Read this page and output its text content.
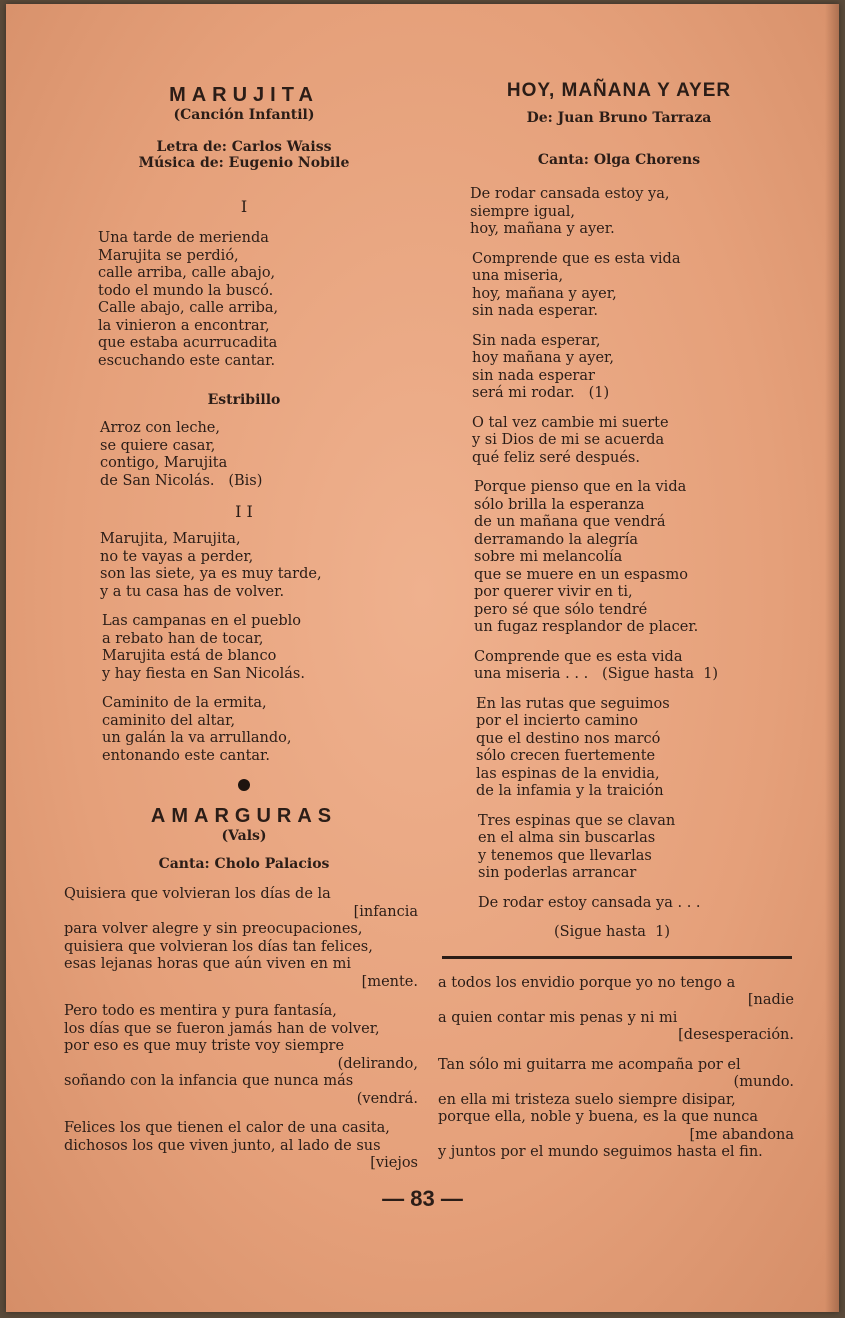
MARUJITA

(Canción Infantil)

Letra de: Carlos Waiss

Música de: Eugenio Nobile

I
Una tarde de merienda
Marujita se perdió,
calle arriba, calle abajo,
todo el mundo la buscó.
Calle abajo, calle arriba,
la vinieron a encontrar,
que estaba acurrucadita
escuchando este cantar.

Estribillo

Arroz con leche,
se quiere casar,
contigo, Marujita
de San Nicolás.   (Bis)
I I
Marujita, Marujita,
no te vayas a perder,
son las siete, ya es muy tarde,
y a tu casa has de volver.
Las campanas en el pueblo
a rebato han de tocar,
Marujita está de blanco
y hay fiesta en San Nicolás.
Caminito de la ermita,
caminito del altar,
un galán la va arrullando,
entonando este cantar.
AMARGURAS

(Vals)

Canta: Cholo Palacios

Quisiera que volvieran los días de la
[infancia
para volver alegre y sin preocupaciones,
quisiera que volvieran los días tan felices,
esas lejanas horas que aún viven en mi
[mente.
Pero todo es mentira y pura fantasía,
los días que se fueron jamás han de volver,
por eso es que muy triste voy siempre
(delirando,
soñando con la infancia que nunca más
(vendrá.
Felices los que tienen el calor de una casita,
dichosos los que viven junto, al lado de sus
[viejos
HOY, MAÑANA Y AYER

De: Juan Bruno Tarraza

Canta: Olga Chorens

De rodar cansada estoy ya,
siempre igual,
hoy, mañana y ayer.
Comprende que es esta vida
una miseria,
hoy, mañana y ayer,
sin nada esperar.
Sin nada esperar,
hoy mañana y ayer,
sin nada esperar
será mi rodar.   (1)
O tal vez cambie mi suerte
y si Dios de mi se acuerda
qué feliz seré después.
Porque pienso que en la vida
sólo brilla la esperanza
de un mañana que vendrá
derramando la alegría
sobre mi melancolía
que se muere en un espasmo
por querer vivir en ti,
pero sé que sólo tendré
un fugaz resplandor de placer.
Comprende que es esta vida
una miseria . . .   (Sigue hasta  1)
En las rutas que seguimos
por el incierto camino
que el destino nos marcó
sólo crecen fuertemente
las espinas de la envidia,
de la infamia y la traición
Tres espinas que se clavan
en el alma sin buscarlas
y tenemos que llevarlas
sin poderlas arrancar
De rodar estoy cansada ya . . .
(Sigue hasta  1)
a todos los envidio porque yo no tengo a
[nadie
a quien contar mis penas y ni mi
[desesperación.
Tan sólo mi guitarra me acompaña por el
(mundo.
en ella mi tristeza suelo siempre disipar,
porque ella, noble y buena, es la que nunca
[me abandona
y juntos por el mundo seguimos hasta el fin.
— 83 —
